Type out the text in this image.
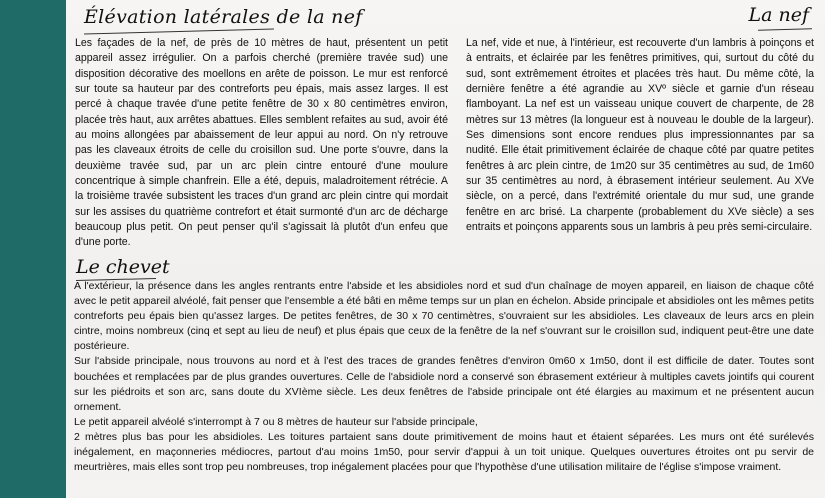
Élévation latérales de la nef	La nef

Les façades de la nef, de près de 10 mètres de haut, présentent un petit appareil assez irrégulier. On a parfois cherché (première travée sud) une disposition décorative des moellons en arête de poisson. Le mur est renforcé sur toute sa hauteur par des contreforts peu épais, mais assez larges. Il est percé à chaque travée d'une petite fenêtre de 30 x 80 centimètres environ, placée très haut, aux arrêtes abattues. Elles semblent refaites au sud, avoir été au moins allongées par abaissement de leur appui au nord. On n'y retrouve pas les claveaux étroits de celle du croisillon sud. Une porte s'ouvre, dans la deuxième travée sud, par un arc plein cintre entouré d'une moulure concentrique à simple chanfrein. Elle a été, depuis, maladroitement rétrécie. A la troisième travée subsistent les traces d'un grand arc plein cintre qui mordait sur les assises du quatrième contrefort et était surmonté d'un arc de décharge beaucoup plus petit. On peut penser qu'il s'agissait là plutôt d'un enfeu que d'une porte.

La nef, vide et nue, à l'intérieur, est recouverte d'un lambris à poinçons et à entraits, et éclairée par les fenêtres primitives, qui, surtout du côté du sud, sont extrêmement étroites et placées très haut. Du même côté, la dernière fenêtre a été agrandie au XVº siècle et garnie d'un réseau flamboyant. La nef est un vaisseau unique couvert de charpente, de 28 mètres sur 13 mètres (la longueur est à nouveau le double de la largeur). Ses dimensions sont encore rendues plus impressionnantes par sa nudité. Elle était primitivement éclairée de chaque côté par quatre petites fenêtres à arc plein cintre, de 1m20 sur 35 centimètres au sud, de 1m60 sur 35 centimètres au nord, à ébrasement intérieur seulement. Au XVe siècle, on a percé, dans l'extrémité orientale du mur sud, une grande fenêtre en arc brisé. La charpente (probablement du XVe siècle) a ses entraits et poinçons apparents sous un lambris à peu près semi-circulaire.

Le chevet

A l'extérieur, la présence dans les angles rentrants entre l'abside et les absidioles nord et sud d'un chaînage de moyen appareil, en liaison de chaque côté avec le petit appareil alvéolé, fait penser que l'ensemble a été bâti en même temps sur un plan en échelon. Abside principale et absidioles ont les mêmes petits contreforts peu épais bien qu'assez larges. De petites fenêtres, de 30 x 70 centimètres, s'ouvraient sur les absidioles. Les claveaux de leurs arcs en plein cintre, moins nombreux (cinq et sept au lieu de neuf) et plus épais que ceux de la fenêtre de la nef s'ouvrant sur le croisillon sud, indiquent peut-être une date postérieure.

Sur l'abside principale, nous trouvons au nord et à l'est des traces de grandes fenêtres d'environ 0m60 x 1m50, dont il est difficile de dater. Toutes sont bouchées et remplacées par de plus grandes ouvertures. Celle de l'absidiole nord a conservé son ébrasement extérieur à multiples cavets jointifs qui courent sur les piédroits et son arc, sans doute du XVIème siècle. Les deux fenêtres de l'abside principale ont été élargies au maximum et ne présentent aucun ornement.

Le petit appareil alvéolé s'interrompt à 7 ou 8 mètres de hauteur sur l'abside principale,

2 mètres plus bas pour les absidioles. Les toitures partaient sans doute primitivement de moins haut et étaient séparées. Les murs ont été surélevés inégalement, en maçonneries médiocres, partout d'au moins 1m50, pour servir d'appui à un toit unique. Quelques ouvertures étroites ont pu servir de meurtrières, mais elles sont trop peu nombreuses, trop inégalement placées pour que l'hypothèse d'une utilisation militaire de l'église s'impose vraiment.
